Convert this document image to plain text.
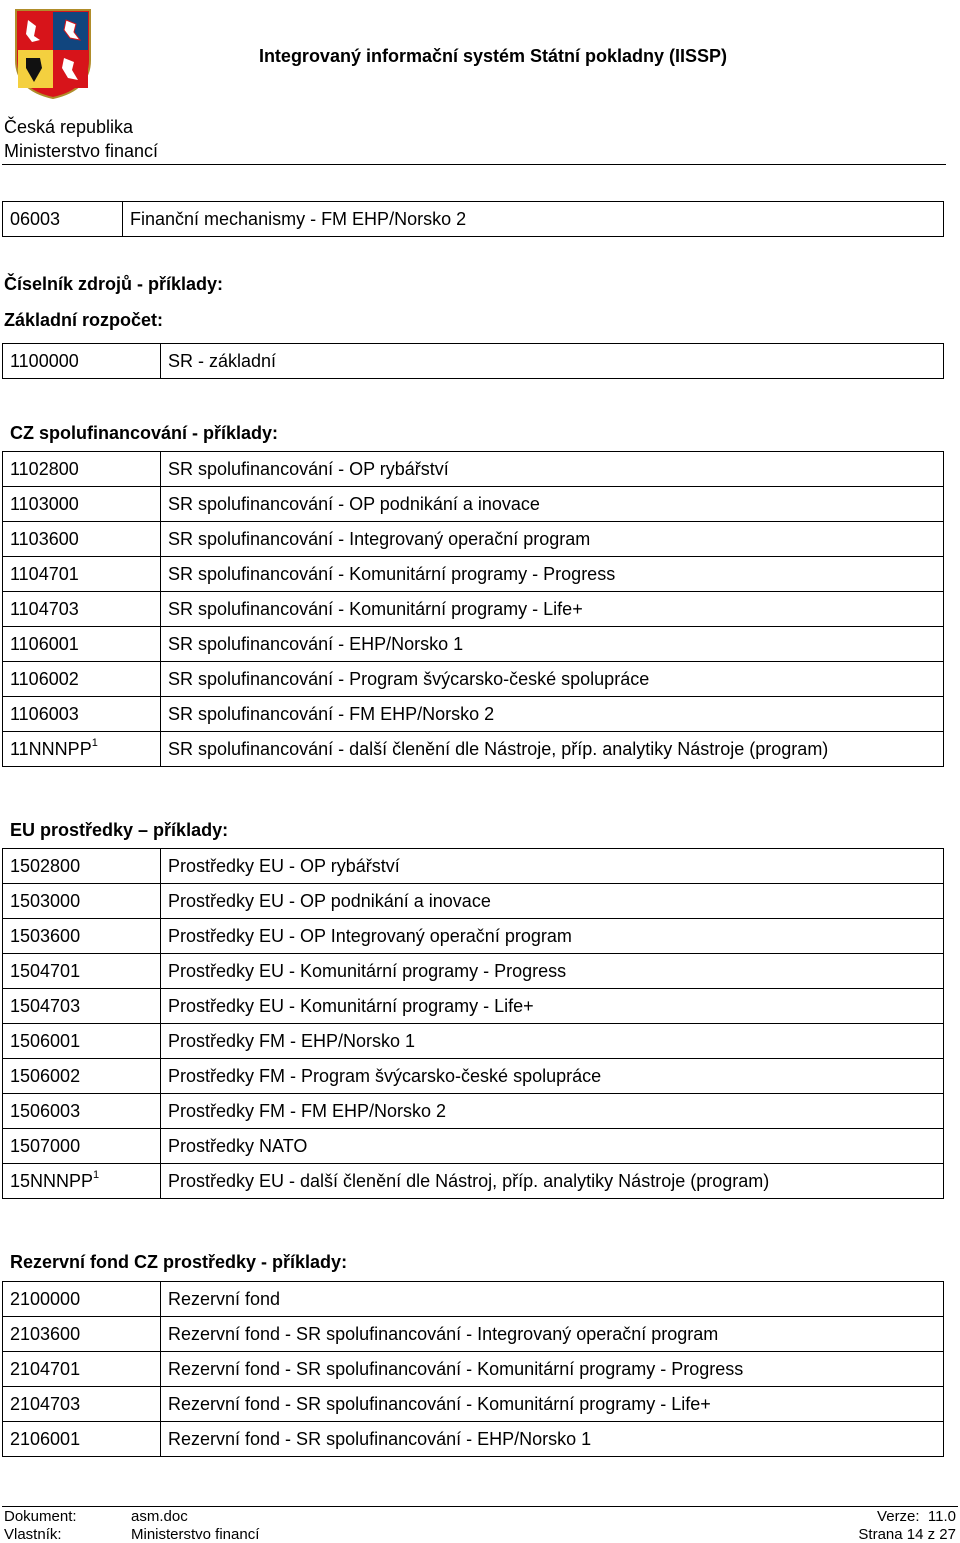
Integrovaný informační systém Státní pokladny (IISSP)
Česká republika
Ministerstvo financí
06003	Finanční mechanismy - FM EHP/Norsko 2
Číselník zdrojů - příklady:
Základní rozpočet:
1100000	SR - základní
CZ spolufinancování - příklady:
1102800	SR spolufinancování - OP rybářství
1103000	SR spolufinancování - OP podnikání a inovace
1103600	SR spolufinancování - Integrovaný operační program
1104701	SR spolufinancování - Komunitární programy - Progress
1104703	SR spolufinancování - Komunitární programy - Life+
1106001	SR spolufinancování - EHP/Norsko 1
1106002	SR spolufinancování - Program švýcarsko-české spolupráce
1106003	SR spolufinancování - FM EHP/Norsko 2
11NNNPP$^1$	SR spolufinancování - další členění dle Nástroje, příp. analytiky Nástroje (program)
EU prostředky – příklady:
1502800	Prostředky EU - OP rybářství
1503000	Prostředky EU - OP podnikání a inovace
1503600	Prostředky EU - OP Integrovaný operační program
1504701	Prostředky EU - Komunitární programy - Progress
1504703	Prostředky EU - Komunitární programy - Life+
1506001	Prostředky FM - EHP/Norsko 1
1506002	Prostředky FM - Program švýcarsko-české spolupráce
1506003	Prostředky FM - FM EHP/Norsko 2
1507000	Prostředky NATO
15NNNPP$^1$	Prostředky EU - další členění dle Nástroj, příp. analytiky Nástroje (program)
Rezervní fond CZ prostředky - příklady:
2100000	Rezervní fond
2103600	Rezervní fond - SR spolufinancování - Integrovaný operační program
2104701	Rezervní fond - SR spolufinancování - Komunitární programy - Progress
2104703	Rezervní fond - SR spolufinancování - Komunitární programy - Life+
2106001	Rezervní fond - SR spolufinancování - EHP/Norsko 1
Dokument:	asm.doc
Vlastník:	Ministerstvo financí
Verze:  11.0
Strana 14 z 27
